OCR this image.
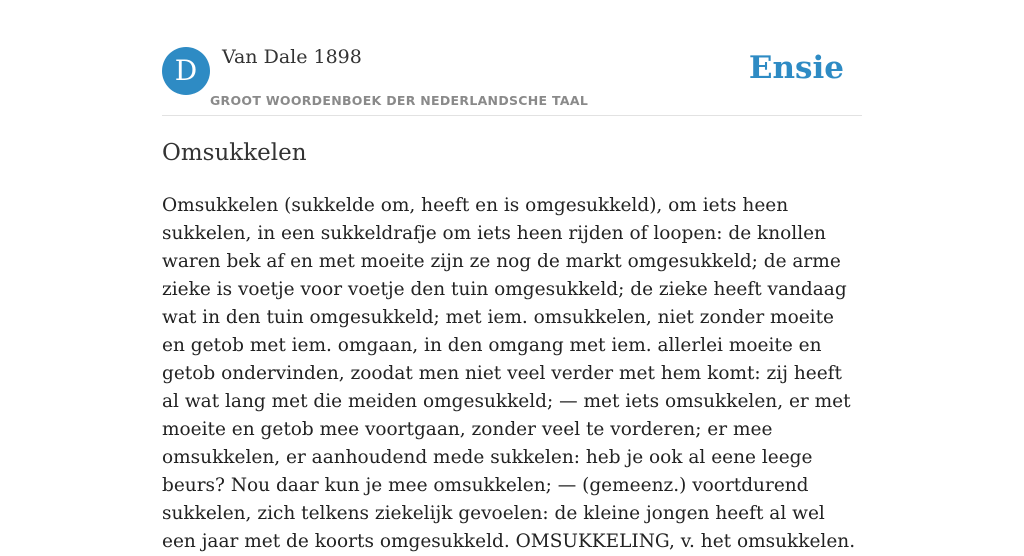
D	Van Dale 1898
GROOT WOORDENBOEK DER NEDERLANDSCHE TAAL
Ensie
Omsukkelen

Omsukkelen (sukkelde om, heeft en is omgesukkeld), om iets heen sukkelen, in een sukkeldrafje om iets heen rijden of loopen: de knollen waren bek af en met moeite zijn ze nog de markt omgesukkeld; de arme zieke is voetje voor voetje den tuin omgesukkeld; de zieke heeft vandaag wat in den tuin omgesukkeld; met iem. omsukkelen, niet zonder moeite en getob met iem. omgaan, in den omgang met iem. allerlei moeite en getob ondervinden, zoodat men niet veel verder met hem komt: zij heeft al wat lang met die meiden omgesukkeld; — met iets omsukkelen, er met moeite en getob mee voortgaan, zonder veel te vorderen; er mee omsukkelen, er aanhoudend mede sukkelen: heb je ook al eene leege beurs? Nou daar kun je mee omsukkelen; — (gemeenz.) voortdurend sukkelen, zich telkens ziekelijk gevoelen: de kleine jongen heeft al wel een jaar met de koorts omgesukkeld. OMSUKKELING, v. het omsukkelen.
